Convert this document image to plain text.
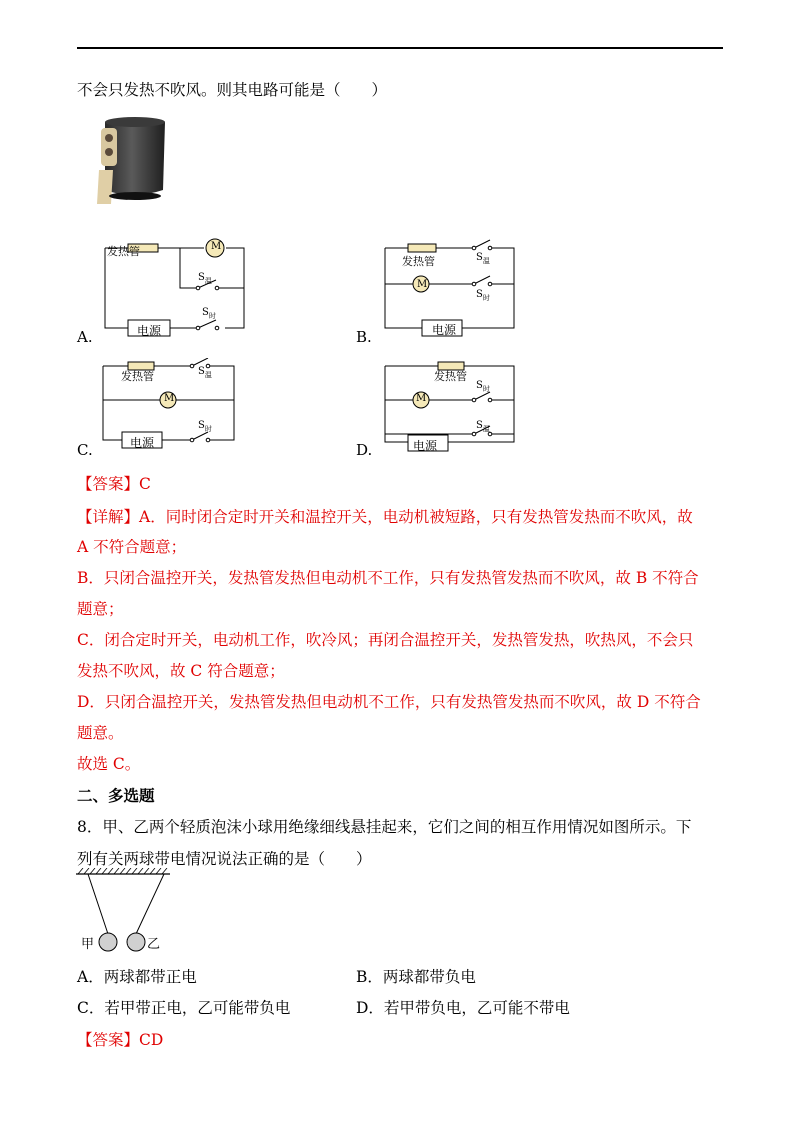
不会只发热不吹风。则其电路可能是（　　）
发热管	M
$S_温$
$S_时$
电源
A.
发热管	$S_温$
M
$S_时$
电源
B.
发热管	$S_温$
M
$S_时$
电源
C.
发热管
$S_时$
M
$S_温$
电源
D.
【答案】C
【详解】A．同时闭合定时开关和温控开关，电动机被短路，只有发热管发热而不吹风，故
A 不符合题意；
B．只闭合温控开关，发热管发热但电动机不工作，只有发热管发热而不吹风，故 B 不符合
题意；
C．闭合定时开关，电动机工作，吹冷风；再闭合温控开关，发热管发热，吹热风，不会只
发热不吹风，故 C 符合题意；
D．只闭合温控开关，发热管发热但电动机不工作，只有发热管发热而不吹风，故 D 不符合
题意。
故选 C。
二、多选题
8．甲、乙两个轻质泡沫小球用绝缘细线悬挂起来，它们之间的相互作用情况如图所示。下
列有关两球带电情况说法正确的是（　　）
甲	乙
A．两球都带正电	B．两球都带负电
C．若甲带正电，乙可能带负电	D．若甲带负电，乙可能不带电
【答案】CD
